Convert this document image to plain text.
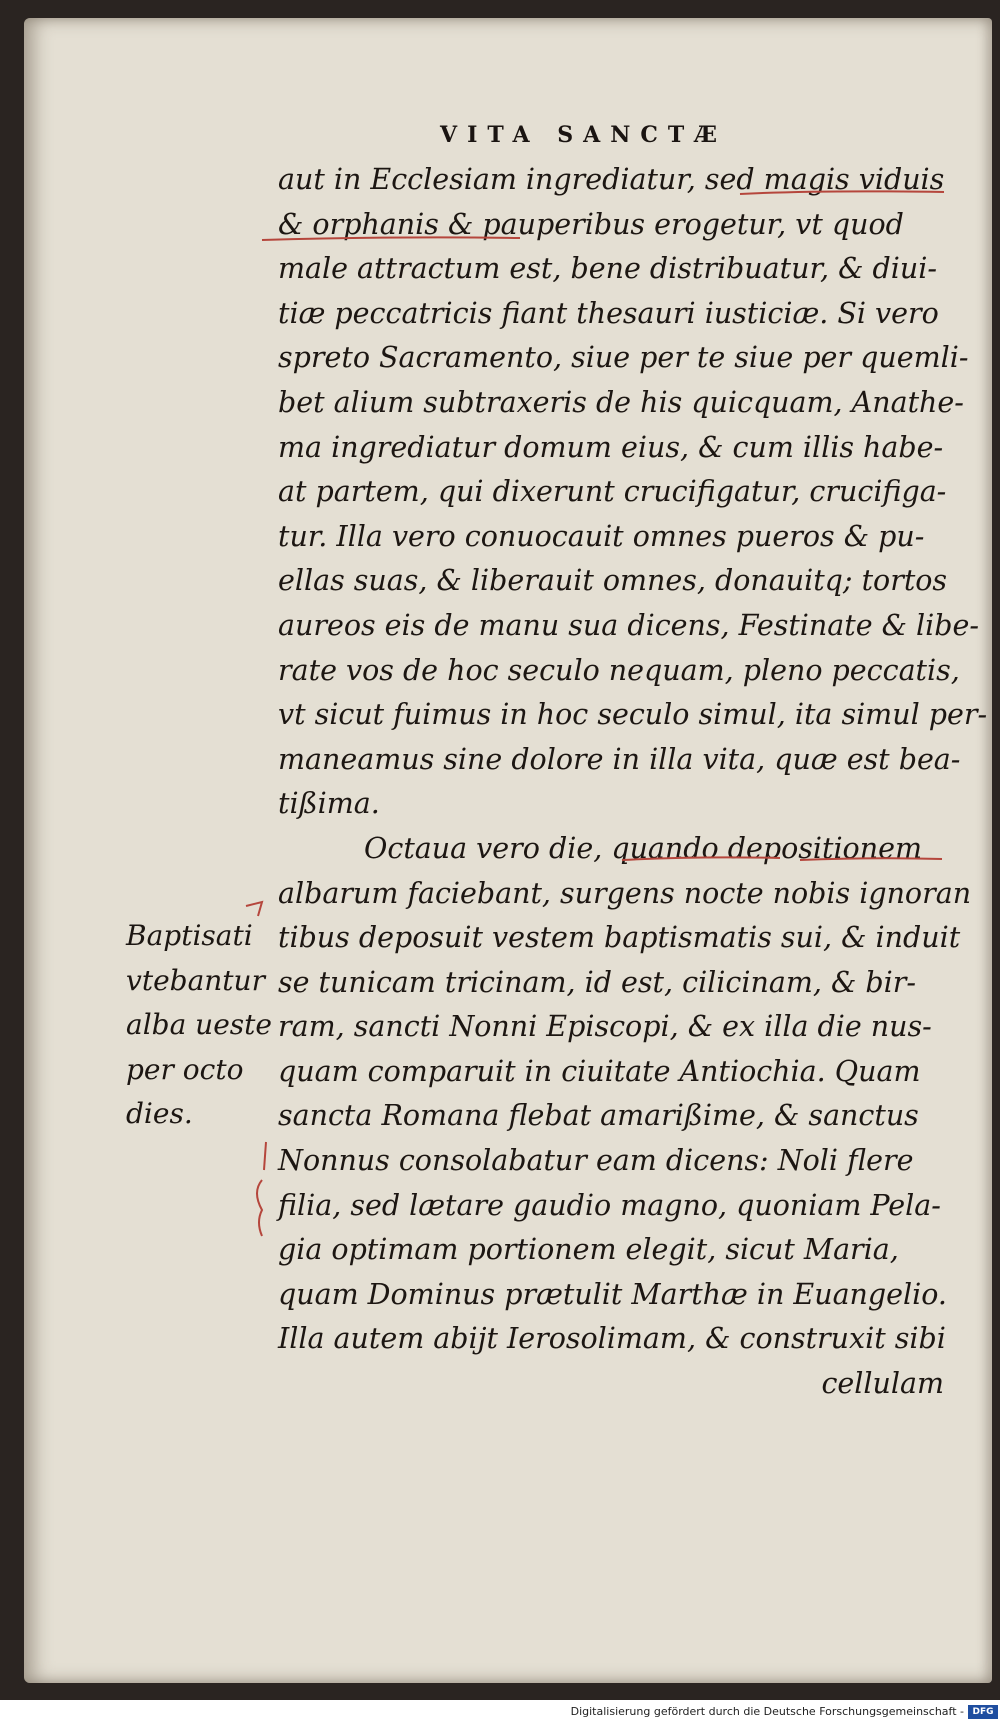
VITA SANCTÆ
aut in Ecclesiam ingrediatur, sed magis viduis
& orphanis & pauperibus erogetur, vt quod
male attractum est, bene distribuatur, & diui-
tiæ peccatricis fiant thesauri iusticiæ. Si vero
spreto Sacramento, siue per te siue per quemli-
bet alium subtraxeris de his quicquam, Anathe-
ma ingrediatur domum eius, & cum illis habe-
at partem, qui dixerunt crucifigatur, crucifiga-
tur. Illa vero conuocauit omnes pueros & pu-
ellas suas, & liberauit omnes, donauitq; tortos
aureos eis de manu sua dicens, Festinate & libe-
rate vos de hoc seculo nequam, pleno peccatis,
vt sicut fuimus in hoc seculo simul, ita simul per-
maneamus sine dolore in illa vita, quæ est bea-
tißima.
Octaua vero die, quando depositionem
albarum faciebant, surgens nocte nobis ignoran
tibus deposuit vestem baptismatis sui, & induit
se tunicam tricinam, id est, cilicinam, & bir-
ram, sancti Nonni Episcopi, & ex illa die nus-
quam comparuit in ciuitate Antiochia. Quam
sancta Romana flebat amarißime, & sanctus
Nonnus consolabatur eam dicens: Noli flere
filia, sed lætare gaudio magno, quoniam Pela-
gia optimam portionem elegit, sicut Maria,
quam Dominus prætulit Marthæ in Euangelio.
Illa autem abijt Ierosolimam, & construxit sibi
cellulam
Baptisati
vtebantur
alba ueste
per octo
dies.
Digitalisierung gefördert durch die Deutsche Forschungsgemeinschaft - DFG
